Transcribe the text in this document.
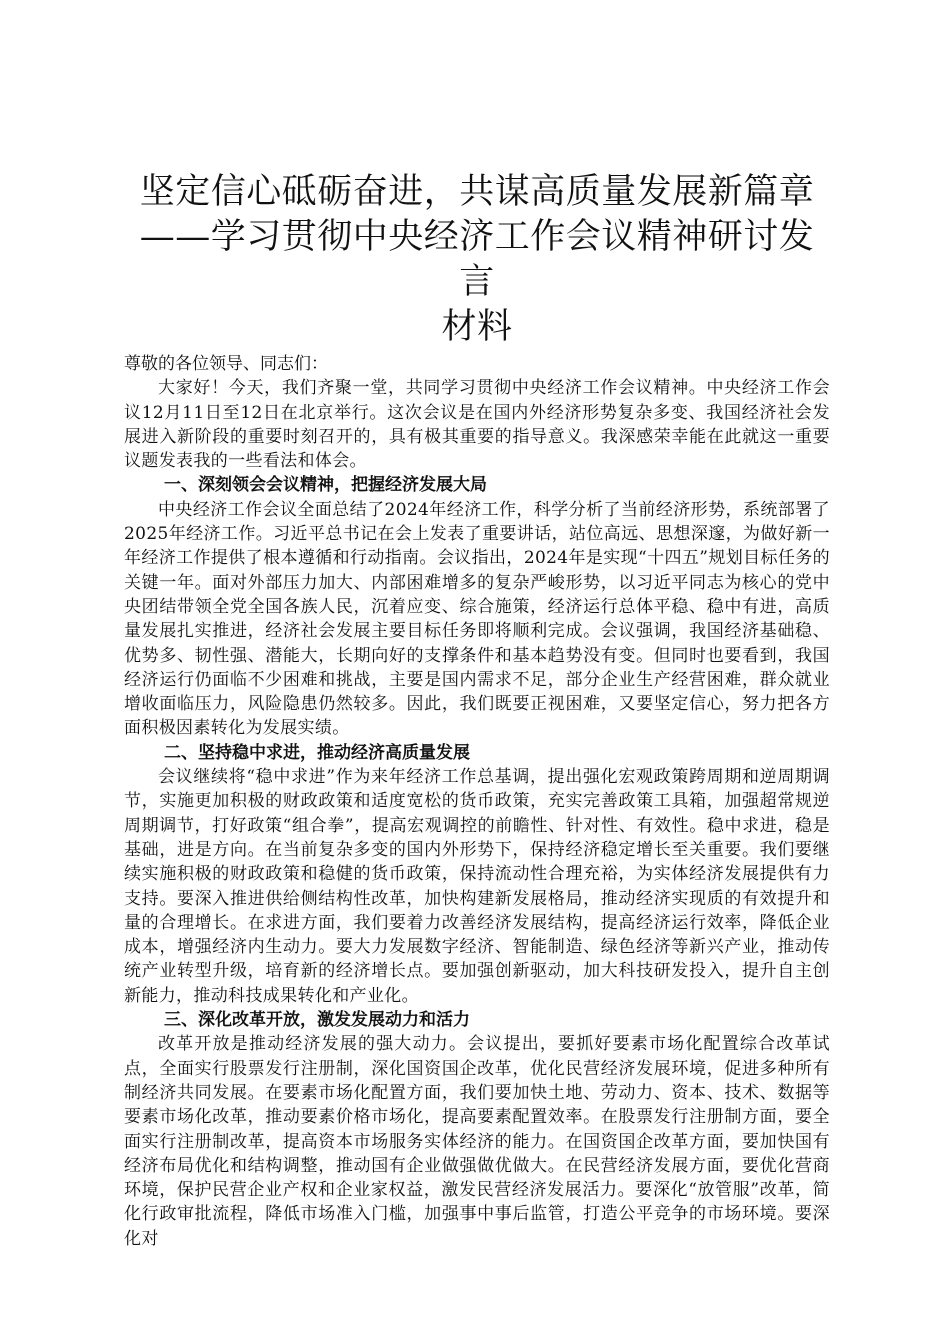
坚定信心砥砺奋进，共谋高质量发展新篇章
——学习贯彻中央经济工作会议精神研讨发言
材料

尊敬的各位领导、同志们：

大家好！今天，我们齐聚一堂，共同学习贯彻中央经济工作会议精神。中央经济工作会议12月11日至12日在北京举行。这次会议是在国内外经济形势复杂多变、我国经济社会发展进入新阶段的重要时刻召开的，具有极其重要的指导意义。我深感荣幸能在此就这一重要议题发表我的一些看法和体会。

一、深刻领会会议精神，把握经济发展大局

中央经济工作会议全面总结了2024年经济工作，科学分析了当前经济形势，系统部署了2025年经济工作。习近平总书记在会上发表了重要讲话，站位高远、思想深邃，为做好新一年经济工作提供了根本遵循和行动指南。会议指出，2024年是实现“十四五”规划目标任务的关键一年。面对外部压力加大、内部困难增多的复杂严峻形势，以习近平同志为核心的党中央团结带领全党全国各族人民，沉着应变、综合施策，经济运行总体平稳、稳中有进，高质量发展扎实推进，经济社会发展主要目标任务即将顺利完成。会议强调，我国经济基础稳、优势多、韧性强、潜能大，长期向好的支撑条件和基本趋势没有变。但同时也要看到，我国经济运行仍面临不少困难和挑战，主要是国内需求不足，部分企业生产经营困难，群众就业增收面临压力，风险隐患仍然较多。因此，我们既要正视困难，又要坚定信心，努力把各方面积极因素转化为发展实绩。

二、坚持稳中求进，推动经济高质量发展

会议继续将“稳中求进”作为来年经济工作总基调，提出强化宏观政策跨周期和逆周期调节，实施更加积极的财政政策和适度宽松的货币政策，充实完善政策工具箱，加强超常规逆周期调节，打好政策“组合拳”，提高宏观调控的前瞻性、针对性、有效性。稳中求进，稳是基础，进是方向。在当前复杂多变的国内外形势下，保持经济稳定增长至关重要。我们要继续实施积极的财政政策和稳健的货币政策，保持流动性合理充裕，为实体经济发展提供有力支持。要深入推进供给侧结构性改革，加快构建新发展格局，推动经济实现质的有效提升和量的合理增长。在求进方面，我们要着力改善经济发展结构，提高经济运行效率，降低企业成本，增强经济内生动力。要大力发展数字经济、智能制造、绿色经济等新兴产业，推动传统产业转型升级，培育新的经济增长点。要加强创新驱动，加大科技研发投入，提升自主创新能力，推动科技成果转化和产业化。

三、深化改革开放，激发发展动力和活力

改革开放是推动经济发展的强大动力。会议提出，要抓好要素市场化配置综合改革试点，全面实行股票发行注册制，深化国资国企改革，优化民营经济发展环境，促进多种所有制经济共同发展。在要素市场化配置方面，我们要加快土地、劳动力、资本、技术、数据等要素市场化改革，推动要素价格市场化，提高要素配置效率。在股票发行注册制方面，要全面实行注册制改革，提高资本市场服务实体经济的能力。在国资国企改革方面，要加快国有经济布局优化和结构调整，推动国有企业做强做优做大。在民营经济发展方面，要优化营商环境，保护民营企业产权和企业家权益，激发民营经济发展活力。要深化“放管服”改革，简化行政审批流程，降低市场准入门槛，加强事中事后监管，打造公平竞争的市场环境。要深化对
